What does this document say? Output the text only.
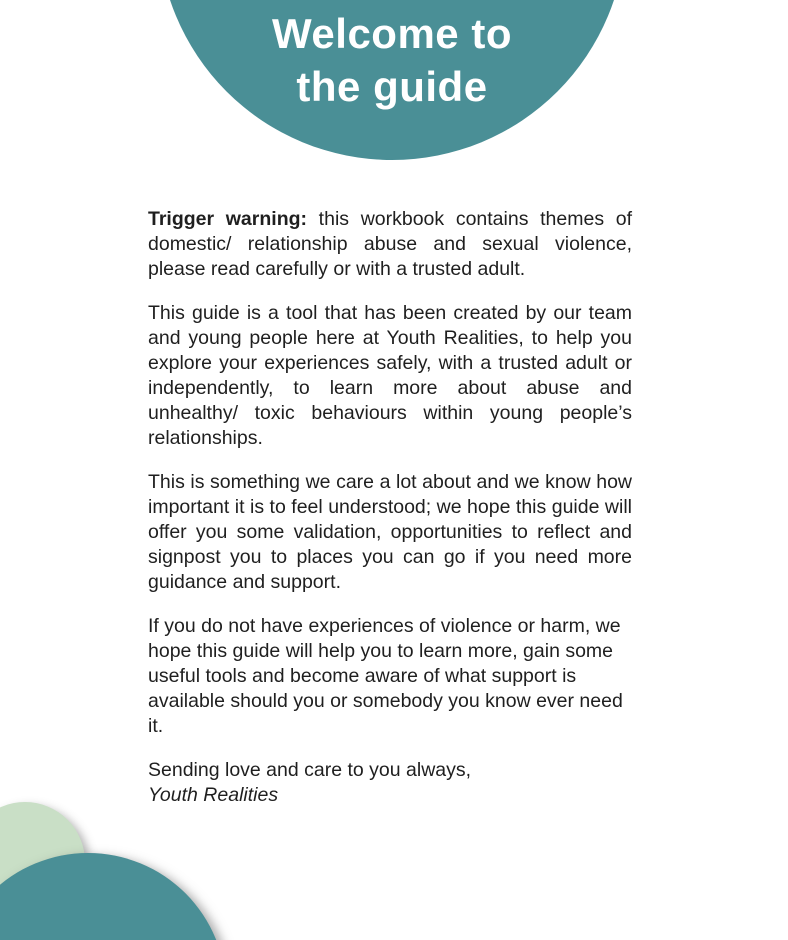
Welcome to
the guide

Trigger warning: this workbook contains themes of domestic/ relationship abuse and sexual violence, please read carefully or with a trusted adult.

This guide is a tool that has been created by our team and young people here at Youth Realities, to help you explore your experiences safely, with a trusted adult or independently, to learn more about abuse and unhealthy/ toxic behaviours within young people’s relationships.

This is something we care a lot about and we know how important it is to feel understood; we hope this guide will offer you some validation, opportunities to reflect and signpost you to places you can go if you need more guidance and support.

If you do not have experiences of violence or harm, we hope this guide will help you to learn more, gain some useful tools and become aware of what support is available should you or somebody you know ever need it.

Sending love and care to you always,
Youth Realities
